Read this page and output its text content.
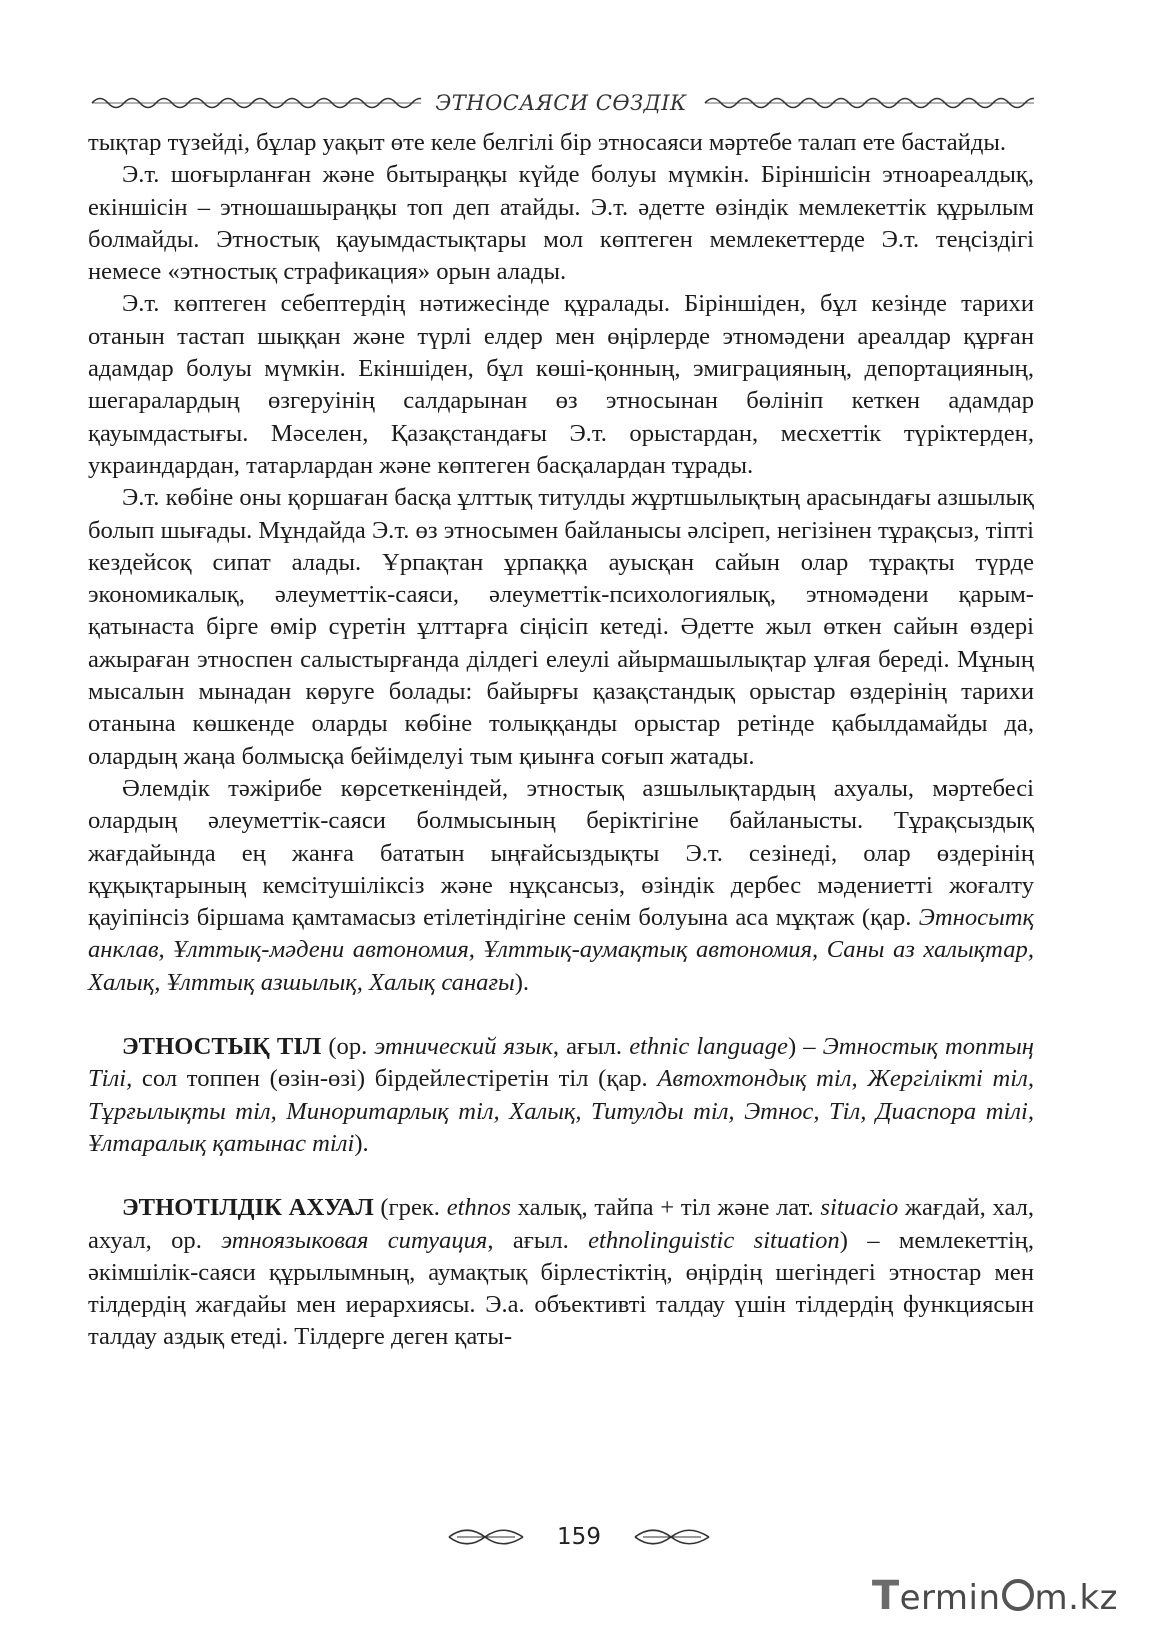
ЭТНОСАЯСИ СӨЗДІК

тықтар түзейді, бұлар уақыт өте келе белгілі бір этносаяси мәртебе талап ете бастайды.

Э.т. шоғырланған және бытыраңқы күйде болуы мүмкін. Біріншісін этноареалдық, екіншісін – этношашыраңқы топ деп атайды. Э.т. әдетте өзіндік мемлекеттік құрылым болмайды. Этностық қауымдастықтары мол көптеген мемлекеттерде Э.т. теңсіздігі немесе «этностық страфикация» орын алады.

Э.т. көптеген себептердің нәтижесінде құралады. Біріншіден, бұл кезінде тарихи отанын тастап шыққан және түрлі елдер мен өңірлерде этномәдени ареалдар құрған адамдар болуы мүмкін. Екіншіден, бұл көші-қонның, эмиграцияның, депортацияның, шегаралардың өзгеруінің салдарынан өз этносынан бөлініп кеткен адамдар қауымдастығы. Мәселен, Қазақстандағы Э.т. орыстардан, месхеттік түріктерден, украиндардан, татарлардан және көптеген басқалардан тұрады.

Э.т. көбіне оны қоршаған басқа ұлттық титулды жұртшылықтың арасындағы азшылық болып шығады. Мұндайда Э.т. өз этносымен байланысы әлсіреп, негізінен тұрақсыз, тіпті кездейсоқ сипат алады. Ұрпақтан ұрпаққа ауысқан сайын олар тұрақты түрде экономикалық, әлеуметтік-саяси, әлеуметтік-психологиялық, этномәдени қарым-қатынаста бірге өмір сүретін ұлттарға сіңісіп кетеді. Әдетте жыл өткен сайын өздері ажыраған этноспен салыстырғанда ділдегі елеулі айырмашылықтар ұлғая береді. Мұның мысалын мынадан көруге болады: байырғы қазақстандық орыстар өздерінің тарихи отанына көшкенде оларды көбіне толыққанды орыстар ретінде қабылдамайды да, олардың жаңа болмысқа бейімделуі тым қиынға соғып жатады.

Әлемдік тәжірибе көрсеткеніндей, этностық азшылықтардың ахуалы, мәртебесі олардың әлеуметтік-саяси болмысының беріктігіне байланысты. Тұрақсыздық жағдайында ең жанға бататын ыңғайсыздықты Э.т. сезінеді, олар өздерінің құқықтарының кемсітушіліксіз және нұқсансыз, өзіндік дербес мәдениетті жоғалту қауіпінсіз біршама қамтамасыз етілетіндігіне сенім болуына аса мұқтаж (қар. Этносытқ анклав, Ұлттық-мәдени автономия, Ұлттық-аумақтық автономия, Саны аз халықтар, Халық, Ұлттық азшылық, Халық санағы).

ЭТНОСТЫҚ ТІЛ (ор. этнический язык, ағыл. ethnic language) – Этностық топтың Тілі, сол топпен (өзін-өзі) бірдейлестіретін тіл (қар. Автохтондық тіл, Жергілікті тіл, Тұрғылықты тіл, Миноритарлық тіл, Халық, Титулды тіл, Этнос, Тіл, Диаспора тілі, Ұлтаралық қатынас тілі).

ЭТНОТІЛДІК АХУАЛ (грек. ethnos халық, тайпа + тіл және лат. situacio жағдай, хал, ахуал, ор. этноязыковая ситуация, ағыл. ethnolinguistic situation) – мемлекеттің, әкімшілік-саяси құрылымның, аумақтық бірлестіктің, өңірдің шегіндегі этностар мен тілдердің жағдайы мен иерархиясы. Э.а. объективті талдау үшін тілдердің функциясын талдау аздық етеді. Тілдерге деген қаты-

159
Termin m.kz
